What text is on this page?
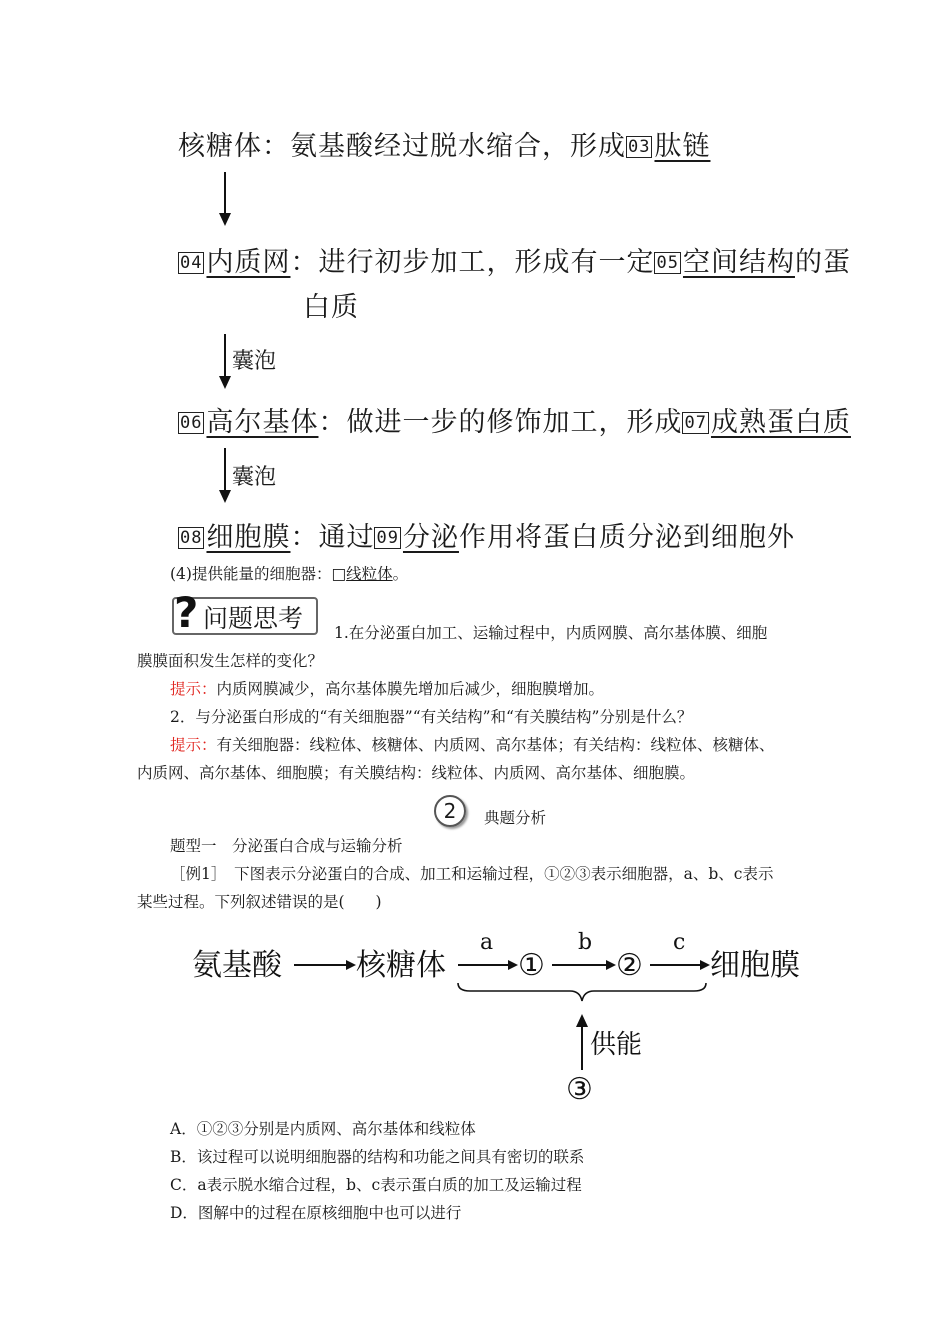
核糖体：氨基酸经过脱水缩合，形成 03 肽链
04 内质网：进行初步加工，形成有一定 05 空间结构的蛋
白质
囊泡
06 高尔基体：做进一步的修饰加工，形成 07 成熟蛋白质
囊泡
08 细胞膜：通过 09 分泌作用将蛋白质分泌到细胞外
(4)提供能量的细胞器：□线粒体。
? 问题思考 1.在分泌蛋白加工、运输过程中，内质网膜、高尔基体膜、细胞
膜膜面积发生怎样的变化？
提示：内质网膜减少，高尔基体膜先增加后减少，细胞膜增加。
2．与分泌蛋白形成的“有关细胞器”“有关结构”和“有关膜结构”分别是什么？
提示：有关细胞器：线粒体、核糖体、内质网、高尔基体；有关结构：线粒体、核糖体、
内质网、高尔基体、细胞膜；有关膜结构：线粒体、内质网、高尔基体、细胞膜。
2	典题分析
题型一　分泌蛋白合成与运输分析
［例1］　下图表示分泌蛋白的合成、加工和运输过程，①②③表示细胞器，a、b、c表示
某些过程。下列叙述错误的是(　　)
氨基酸 核糖体 ① ② 细胞膜
a	b	c
供能
③
A．①②③分别是内质网、高尔基体和线粒体
B．该过程可以说明细胞器的结构和功能之间具有密切的联系
C．a表示脱水缩合过程，b、c表示蛋白质的加工及运输过程
D．图解中的过程在原核细胞中也可以进行
